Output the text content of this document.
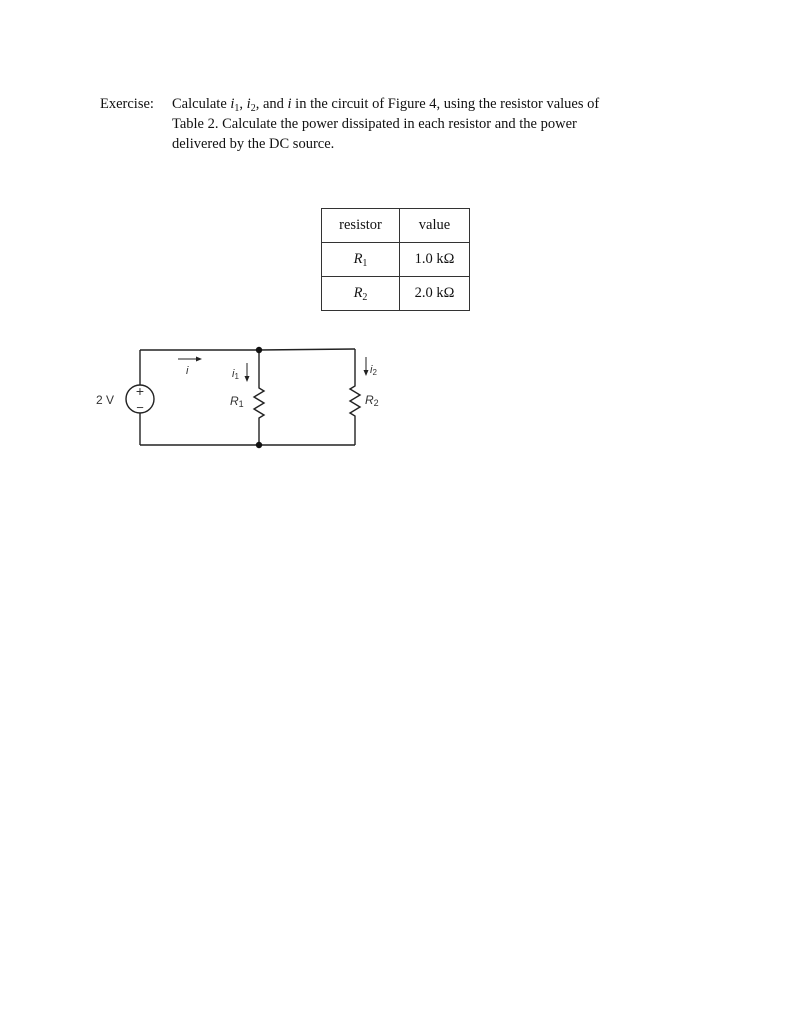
Exercise: Calculate $i_1$, $i_2$, and i in the circuit of Figure 4, using the resistor values of
Table 2. Calculate the power dissipated in each resistor and the power
delivered by the DC source.
resistor	value
$R_1$	1.0 kΩ
$R_2$	2.0 kΩ
+
−
2 V
i	i1
i2
R1	R2
